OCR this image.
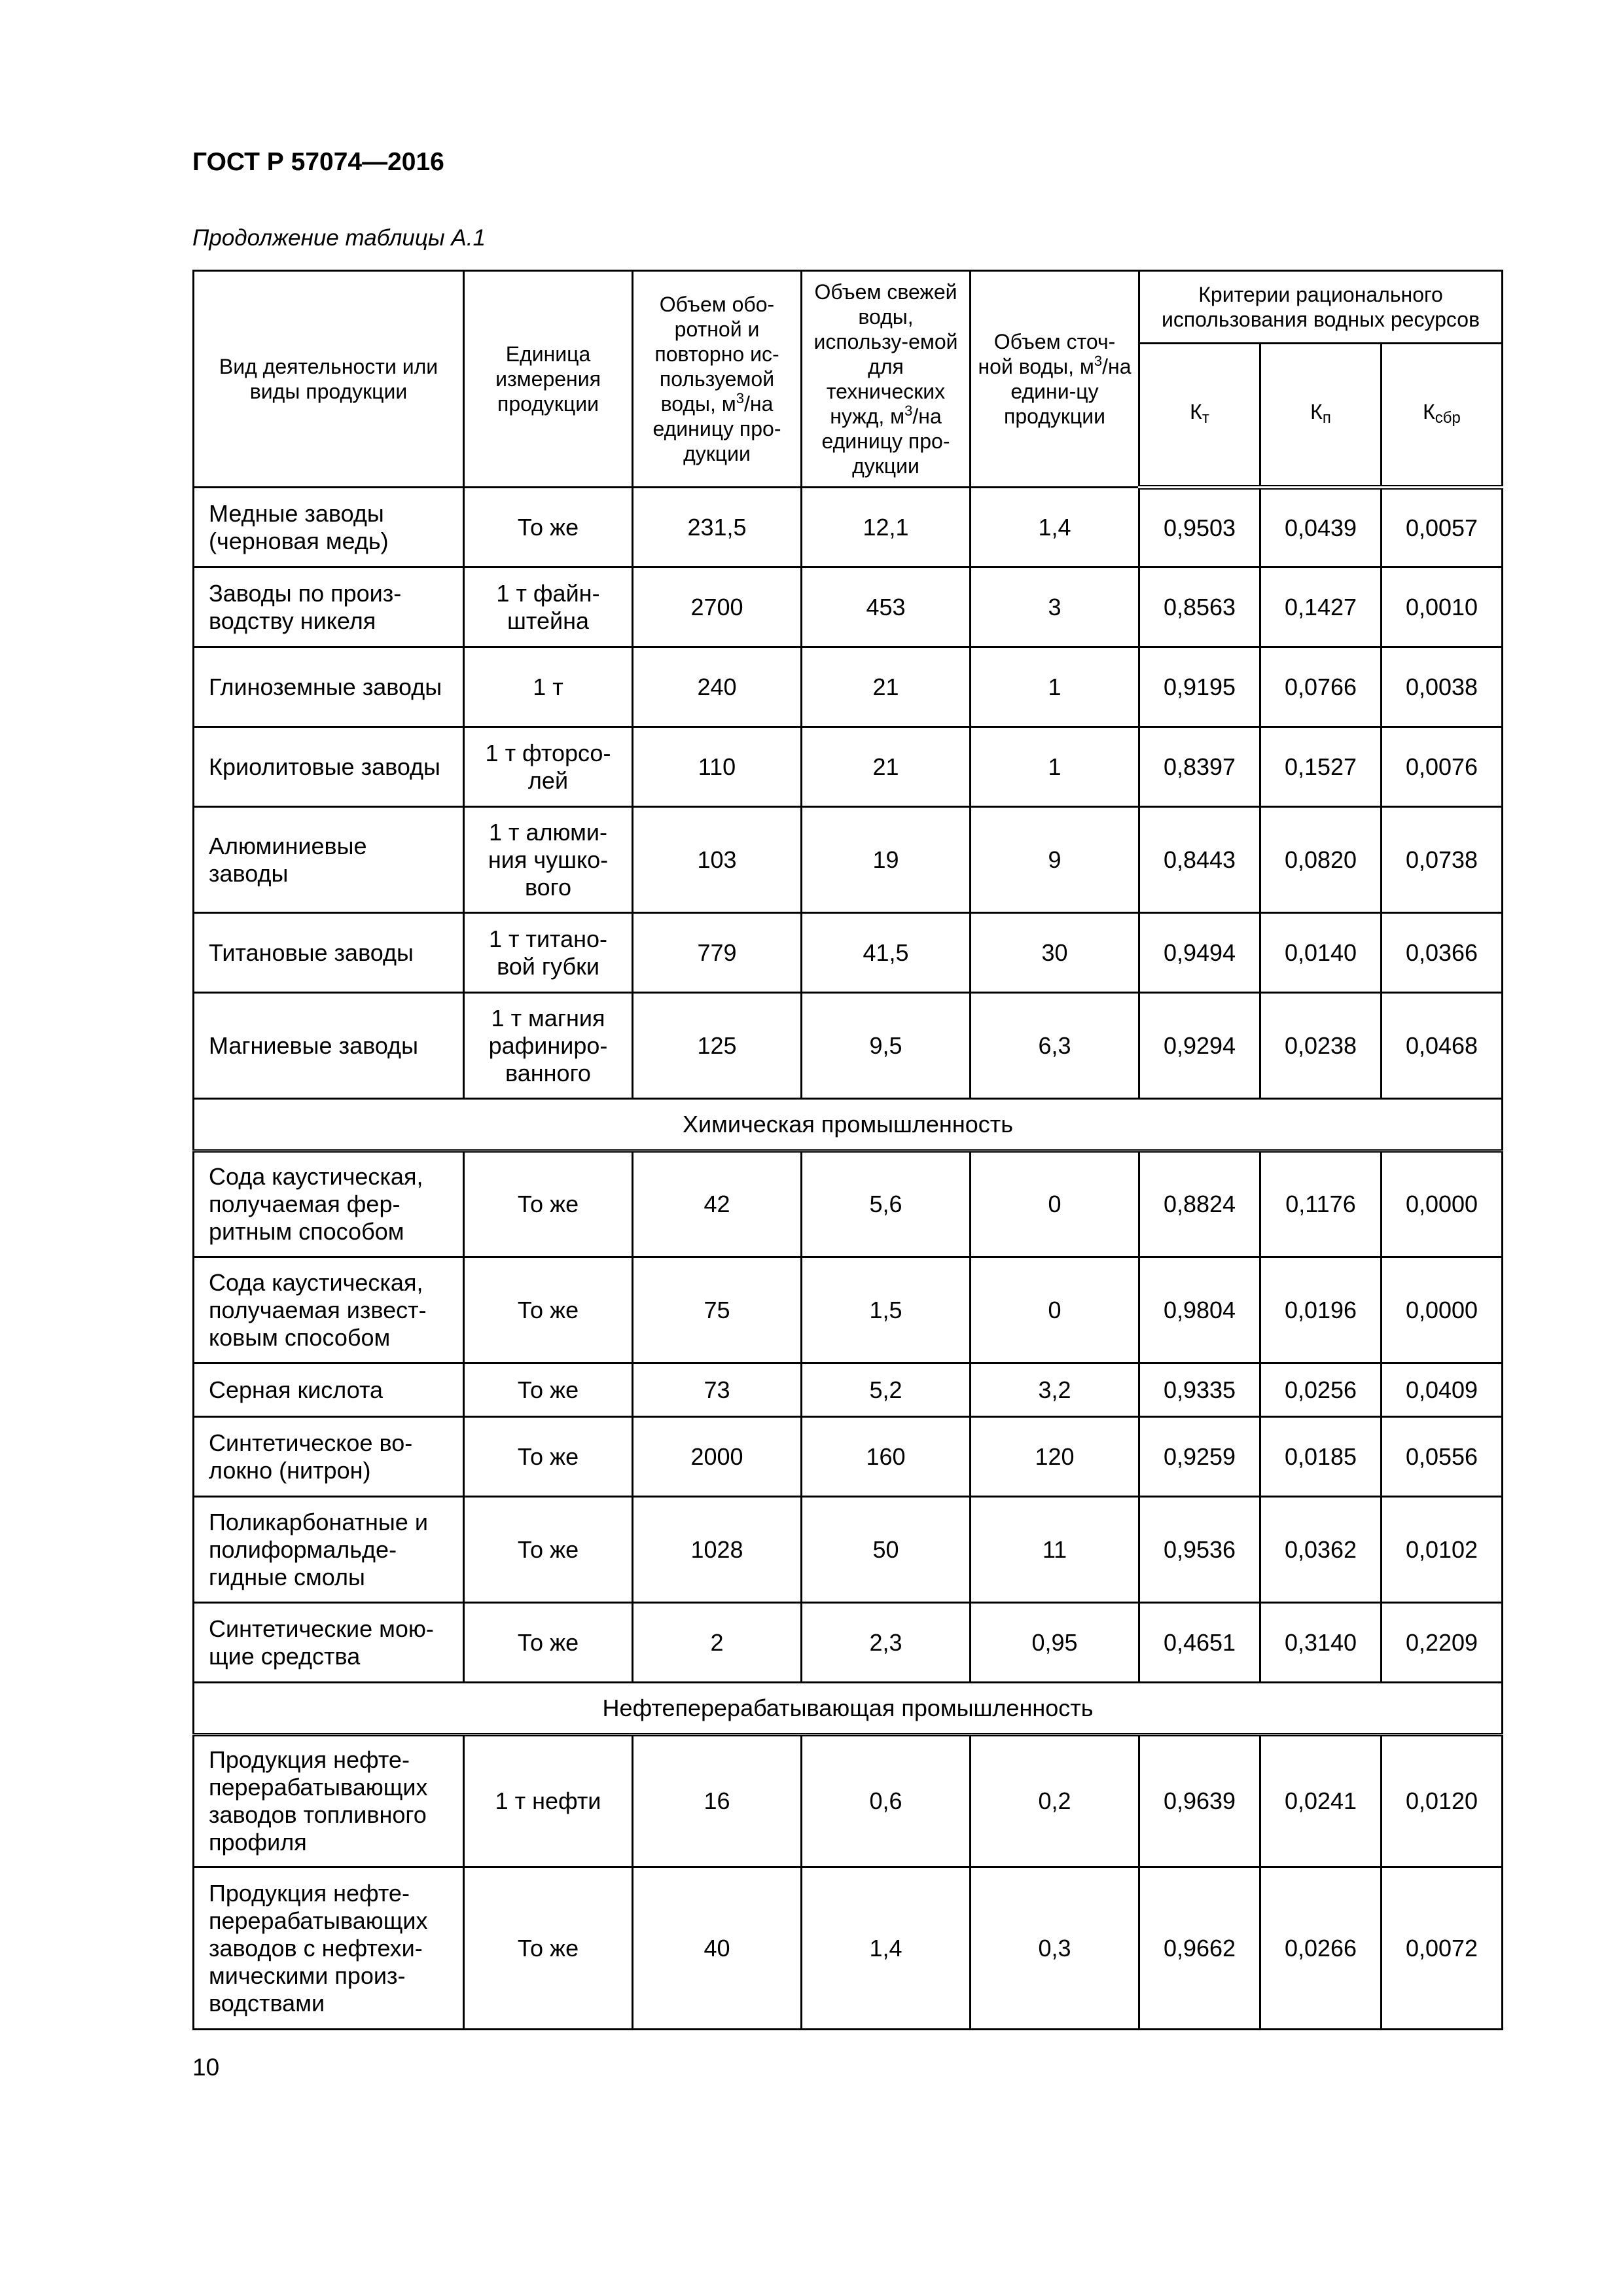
ГОСТ Р 57074—2016
Продолжение таблицы А.1
Вид деятельности или виды продукции	Единица измерения продукции	Объем обо-ротной и повторно ис-пользуемой воды, $м^3/на$ единицу про-дукции	Объем свежей воды, использу-емой для технических нужд, $м^3/на$ единицу про-дукции	Объем сточ-ной воды, $м^3/на$ едини-цу продукции	Критерии рационального использования водных ресурсов		
					$К_т$	$К_п$	$К_{сбр}$
Медные заводы (черновая медь)	То же	231,5	12,1	1,4	0,9503	0,0439	0,0057
Заводы по произ-водству никеля	1 т файн-штейна	2700	453	3	0,8563	0,1427	0,0010
Глиноземные заводы	1 т	240	21	1	0,9195	0,0766	0,0038
Криолитовые заводы	1 т фторсо-лей	110	21	1	0,8397	0,1527	0,0076
Алюминиевые заводы	1 т алюми-ния чушко-вого	103	19	9	0,8443	0,0820	0,0738
Титановые заводы	1 т титано-вой губки	779	41,5	30	0,9494	0,0140	0,0366
Магниевые заводы	1 т магния рафиниро-ванного	125	9,5	6,3	0,9294	0,0238	0,0468
Химическая промышленность							
Сода каустическая, получаемая фер-ритным способом	То же	42	5,6	0	0,8824	0,1176	0,0000
Сода каустическая, получаемая извест-ковым способом	То же	75	1,5	0	0,9804	0,0196	0,0000
Серная кислота	То же	73	5,2	3,2	0,9335	0,0256	0,0409
Синтетическое во-локно (нитрон)	То же	2000	160	120	0,9259	0,0185	0,0556
Поликарбонатные и полиформальде-гидные смолы	То же	1028	50	11	0,9536	0,0362	0,0102
Синтетические мою-щие средства	То же	2	2,3	0,95	0,4651	0,3140	0,2209
Нефтеперерабатывающая промышленность							
Продукция нефте-перерабатывающих заводов топливного профиля	1 т нефти	16	0,6	0,2	0,9639	0,0241	0,0120
Продукция нефте-перерабатывающих заводов с нефтехи-мическими произ-водствами	То же	40	1,4	0,3	0,9662	0,0266	0,0072
10
